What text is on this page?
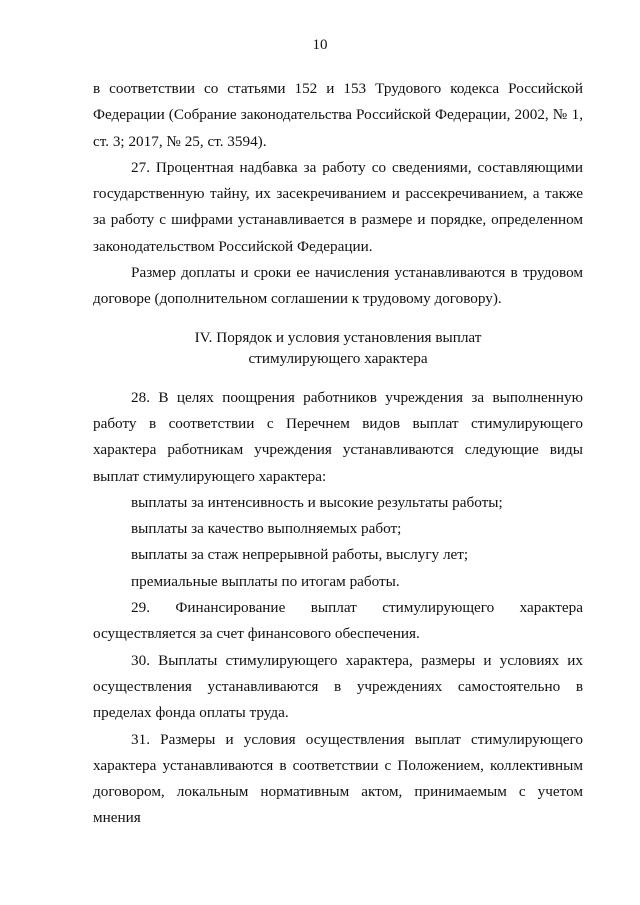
10

в соответствии со статьями 152 и 153 Трудового кодекса Российской Федерации (Собрание законодательства Российской Федерации, 2002, № 1, ст. 3; 2017, № 25, ст. 3594).

27. Процентная надбавка за работу со сведениями, составляющими государственную тайну, их засекречиванием и рассекречиванием, а также за работу с шифрами устанавливается в размере и порядке, определенном законодательством Российской Федерации.

Размер доплаты и сроки ее начисления устанавливаются в трудовом договоре (дополнительном соглашении к трудовому договору).

IV. Порядок и условия установления выплат
стимулирующего характера

28. В целях поощрения работников учреждения за выполненную работу в соответствии с Перечнем видов выплат стимулирующего характера работникам учреждения устанавливаются следующие виды выплат стимулирующего характера:

выплаты за интенсивность и высокие результаты работы;

выплаты за качество выполняемых работ;

выплаты за стаж непрерывной работы, выслугу лет;

премиальные выплаты по итогам работы.

29. Финансирование выплат стимулирующего характера осуществляется за счет финансового обеспечения.

30. Выплаты стимулирующего характера, размеры и условиях их осуществления устанавливаются в учреждениях самостоятельно в пределах фонда оплаты труда.

31. Размеры и условия осуществления выплат стимулирующего характера устанавливаются в соответствии с Положением, коллективным договором, локальным нормативным актом, принимаемым с учетом мнения
